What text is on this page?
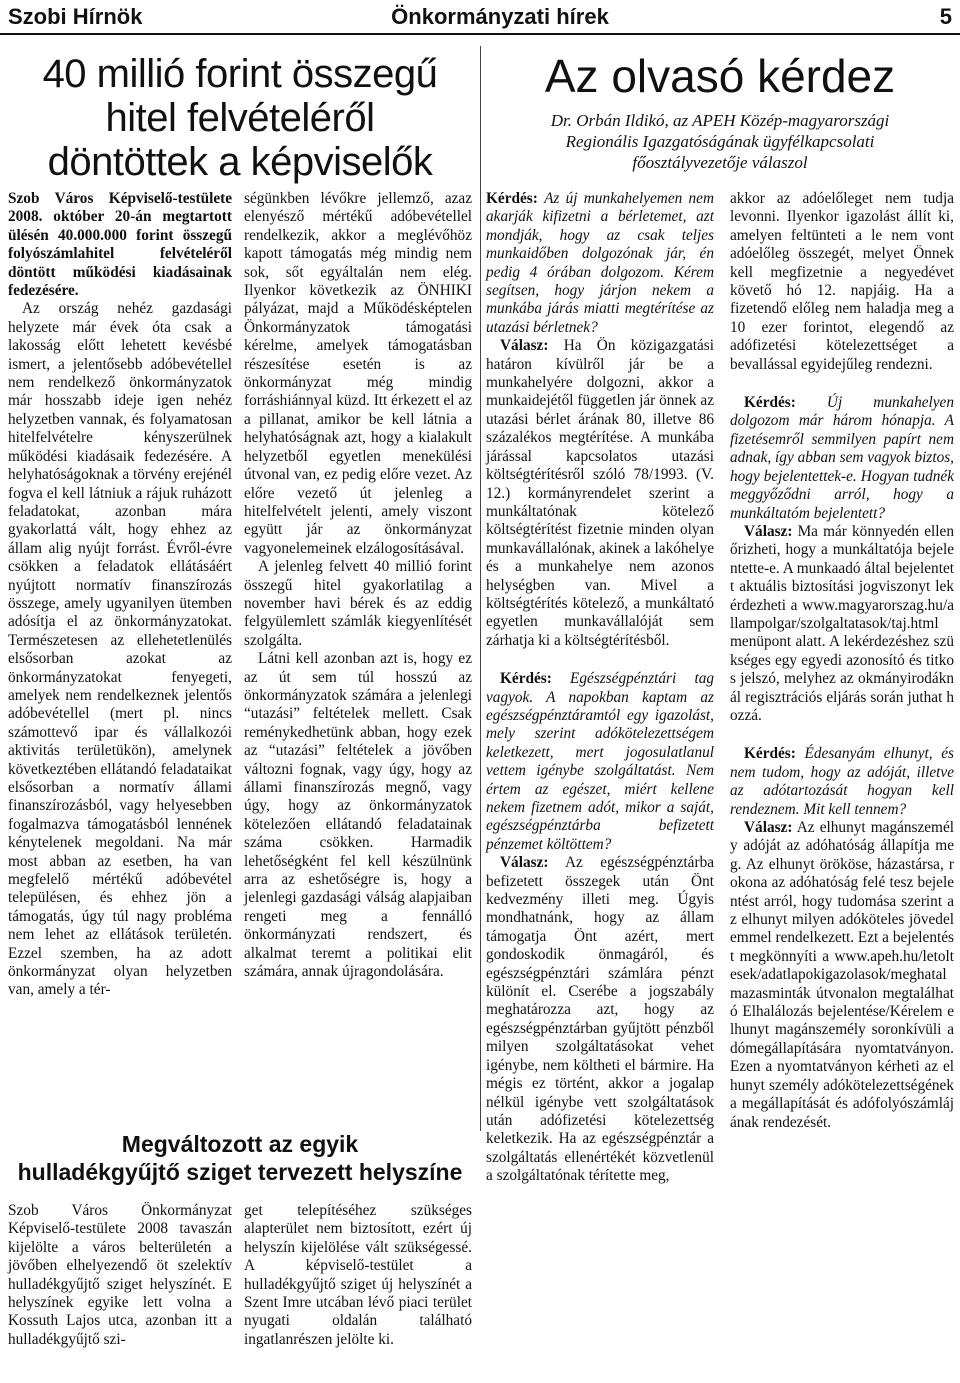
Szobi Hírnök	Önkormányzati hírek	5
40 millió forint összegű
hitel felvételéről
döntöttek a képviselők

Szob Város Képviselő-testülete 2008. október 20-án megtartott ülésén 40.000.000 forint összegű folyószámlahitel felvételéről döntött működési kiadásainak fedezésére.

Az ország nehéz gazdasági helyzete már évek óta csak a lakosság előtt lehetett kevésbé ismert, a jelentősebb adóbevétellel nem rendelkező önkormányzatok már hosszabb ideje igen nehéz helyzetben vannak, és folyamatosan hitelfelvételre kényszerülnek működési kiadásaik fedezésére. A helyhatóságoknak a törvény erejénél fogva el kell látniuk a rájuk ruházott feladatokat, azonban mára gyakorlattá vált, hogy ehhez az állam alig nyújt forrást. Évről-évre csökken a feladatok ellátásáért nyújtott normatív finanszírozás összege, amely ugyanilyen ütemben adósítja el az önkormányzatokat. Természetesen az ellehetetlenülés elsősorban azokat az önkormányzatokat fenyegeti, amelyek nem rendelkeznek jelentős adóbevétellel (mert pl. nincs számottevő ipar és vállalkozói aktivitás területükön), amelynek következtében ellátandó feladataikat elsősorban a normatív állami finanszírozásból, vagy helyesebben fogalmazva támogatásból lennének kénytelenek megoldani. Na már most abban az esetben, ha van megfelelő mértékű adóbevétel településen, és ehhez jön a támogatás, úgy túl nagy probléma nem lehet az ellátások területén. Ezzel szemben, ha az adott önkormányzat olyan helyzetben van, amely a tér-

ségünkben lévőkre jellemző, azaz elenyésző mértékű adóbevétellel rendelkezik, akkor a meglévőhöz kapott támogatás még mindig nem sok, sőt egyáltalán nem elég. Ilyenkor következik az ÖNHIKI pályázat, majd a Működésképtelen Önkormányzatok támogatási kérelme, amelyek támogatásban részesítése esetén is az önkormányzat még mindig forráshiánnyal küzd. Itt érkezett el az a pillanat, amikor be kell látnia a helyhatóságnak azt, hogy a kialakult helyzetből egyetlen menekülési útvonal van, ez pedig előre vezet. Az előre vezető út jelenleg a hitelfelvételt jelenti, amely viszont együtt jár az önkormányzat vagyonelemeinek elzálogosításával.

A jelenleg felvett 40 millió forint összegű hitel gyakorlatilag a november havi bérek és az eddig felgyülemlett számlák kiegyenlítését szolgálta.

Látni kell azonban azt is, hogy ez az út sem túl hosszú az önkormányzatok számára a jelenlegi “utazási” feltételek mellett. Csak reménykedhetünk abban, hogy ezek az “utazási” feltételek a jövőben változni fognak, vagy úgy, hogy az állami finanszírozás megnő, vagy úgy, hogy az önkormányzatok kötelezően ellátandó feladatainak száma csökken. Harmadik lehetőségként fel kell készülnünk arra az eshetőségre is, hogy a jelenlegi gazdasági válság alapjaiban rengeti meg a fennálló önkormányzati rendszert, és alkalmat teremt a politikai elit számára, annak újragondolására.

Megváltozott az egyik
hulladékgyűjtő sziget tervezett helyszíne

Szob Város Önkormányzat Képviselő-testülete 2008 tavaszán kijelölte a város belterületén a jövőben elhelyezendő öt szelektív hulladékgyűjtő sziget helyszínét. E helyszínek egyike lett volna a Kossuth Lajos utca, azonban itt a hulladékgyűjtő szi-

get telepítéséhez szükséges alapterület nem biztosított, ezért új helyszín kijelölése vált szükségessé. A képviselő-testület a hulladékgyűjtő sziget új helyszínét a Szent Imre utcában lévő piaci terület nyugati oldalán található ingatlanrészen jelölte ki.

Az olvasó kérdez
Dr. Orbán Ildikó, az APEH Közép-magyarországi
Regionális Igazgatóságának ügyfélkapcsolati
főosztályvezetője válaszol

Kérdés: Az új munkahelyemen nem akarják kifizetni a bérletemet, azt mondják, hogy az csak teljes munkaidőben dolgozónak jár, én pedig 4 órában dolgozom. Kérem segítsen, hogy járjon nekem a munkába járás miatti megtérítése az utazási bérletnek?

Válasz: Ha Ön közigazgatási határon kívülről jár be a munkahelyére dolgozni, akkor a munkaidejétől független jár önnek az utazási bérlet árának 80, illetve 86 százalékos megtérítése. A munkába járással kapcsolatos utazási költségtérítésről szóló 78/1993. (V. 12.) kormányrendelet szerint a munkáltatónak kötelező költségtérítést fizetnie minden olyan munkavállalónak, akinek a lakóhelye és a munkahelye nem azonos helységben van. Mivel a költségtérítés kötelező, a munkáltató egyetlen munkavállalóját sem zárhatja ki a költségtérítésből.

Kérdés: Egészségpénztári tag vagyok. A napokban kaptam az egészségpénztáramtól egy igazolást, mely szerint adókötelezettségem keletkezett, mert jogosulatlanul vettem igénybe szolgáltatást. Nem értem az egészet, miért kellene nekem fizetnem adót, mikor a saját, egészségpénztárba befizetett pénzemet költöttem?

Válasz: Az egészségpénztárba befizetett összegek után Önt kedvezmény illeti meg. Úgyis mondhatnánk, hogy az állam támogatja Önt azért, mert gondoskodik önmagáról, és egészségpénztári számlára pénzt különít el. Cserébe a jogszabály meghatározza azt, hogy az egészségpénztárban gyűjtött pénzből milyen szolgáltatásokat vehet igénybe, nem költheti el bármire. Ha mégis ez történt, akkor a jogalap nélkül igénybe vett szolgáltatások után adófizetési kötelezettség keletkezik. Ha az egészségpénztár a szolgáltatás ellenértékét közvetlenül a szolgáltatónak térítette meg,

akkor az adóelőleget nem tudja levonni. Ilyenkor igazolást állít ki, amelyen feltünteti a le nem vont adóelőleg összegét, melyet Önnek kell megfizetnie a negyedévet követő hó 12. napjáig. Ha a fizetendő előleg nem haladja meg a 10 ezer forintot, elegendő az adófizetési kötelezettséget a bevallással egyidejűleg rendezni.

Kérdés: Új munkahelyen dolgozom már három hónapja. A fizetésemről semmilyen papírt nem adnak, így abban sem vagyok biztos, hogy bejelentettek-e. Hogyan tudnék meggyőződni arról, hogy a munkáltatóm bejelentett?

Válasz: Ma már könnyedén ellenőrizheti, hogy a munkáltatója bejelentette-e. A munkaadó által bejelentett aktuális biztosítási jogviszonyt lekérdezheti a www.magyarorszag.hu/allampolgar/szolgaltatasok/taj.html menüpont alatt. A lekérdezéshez szükséges egy egyedi azonosító és titkos jelszó, melyhez az okmányirodáknál regisztrációs eljárás során juthat hozzá.

Kérdés: Édesanyám elhunyt, és nem tudom, hogy az adóját, illetve az adótartozását hogyan kell rendeznem. Mit kell tennem?

Válasz: Az elhunyt magánszemély adóját az adóhatóság állapítja meg. Az elhunyt örököse, házastársa, rokona az adóhatóság felé tesz bejelentést arról, hogy tudomása szerint az elhunyt milyen adóköteles jövedelemmel rendelkezett. Ezt a bejelentést megkönnyíti a www.apeh.hu/letoltesek/adatlapokigazolasok/meghatalmazasminták útvonalon megtalálható Elhalálozás bejelentése/Kérelem elhunyt magánszemély soronkívüli adómegállapítására nyomtatványon. Ezen a nyomtatványon kérheti az elhunyt személy adókötelezettségének a megállapítását és adófolyószámlájának rendezését.
